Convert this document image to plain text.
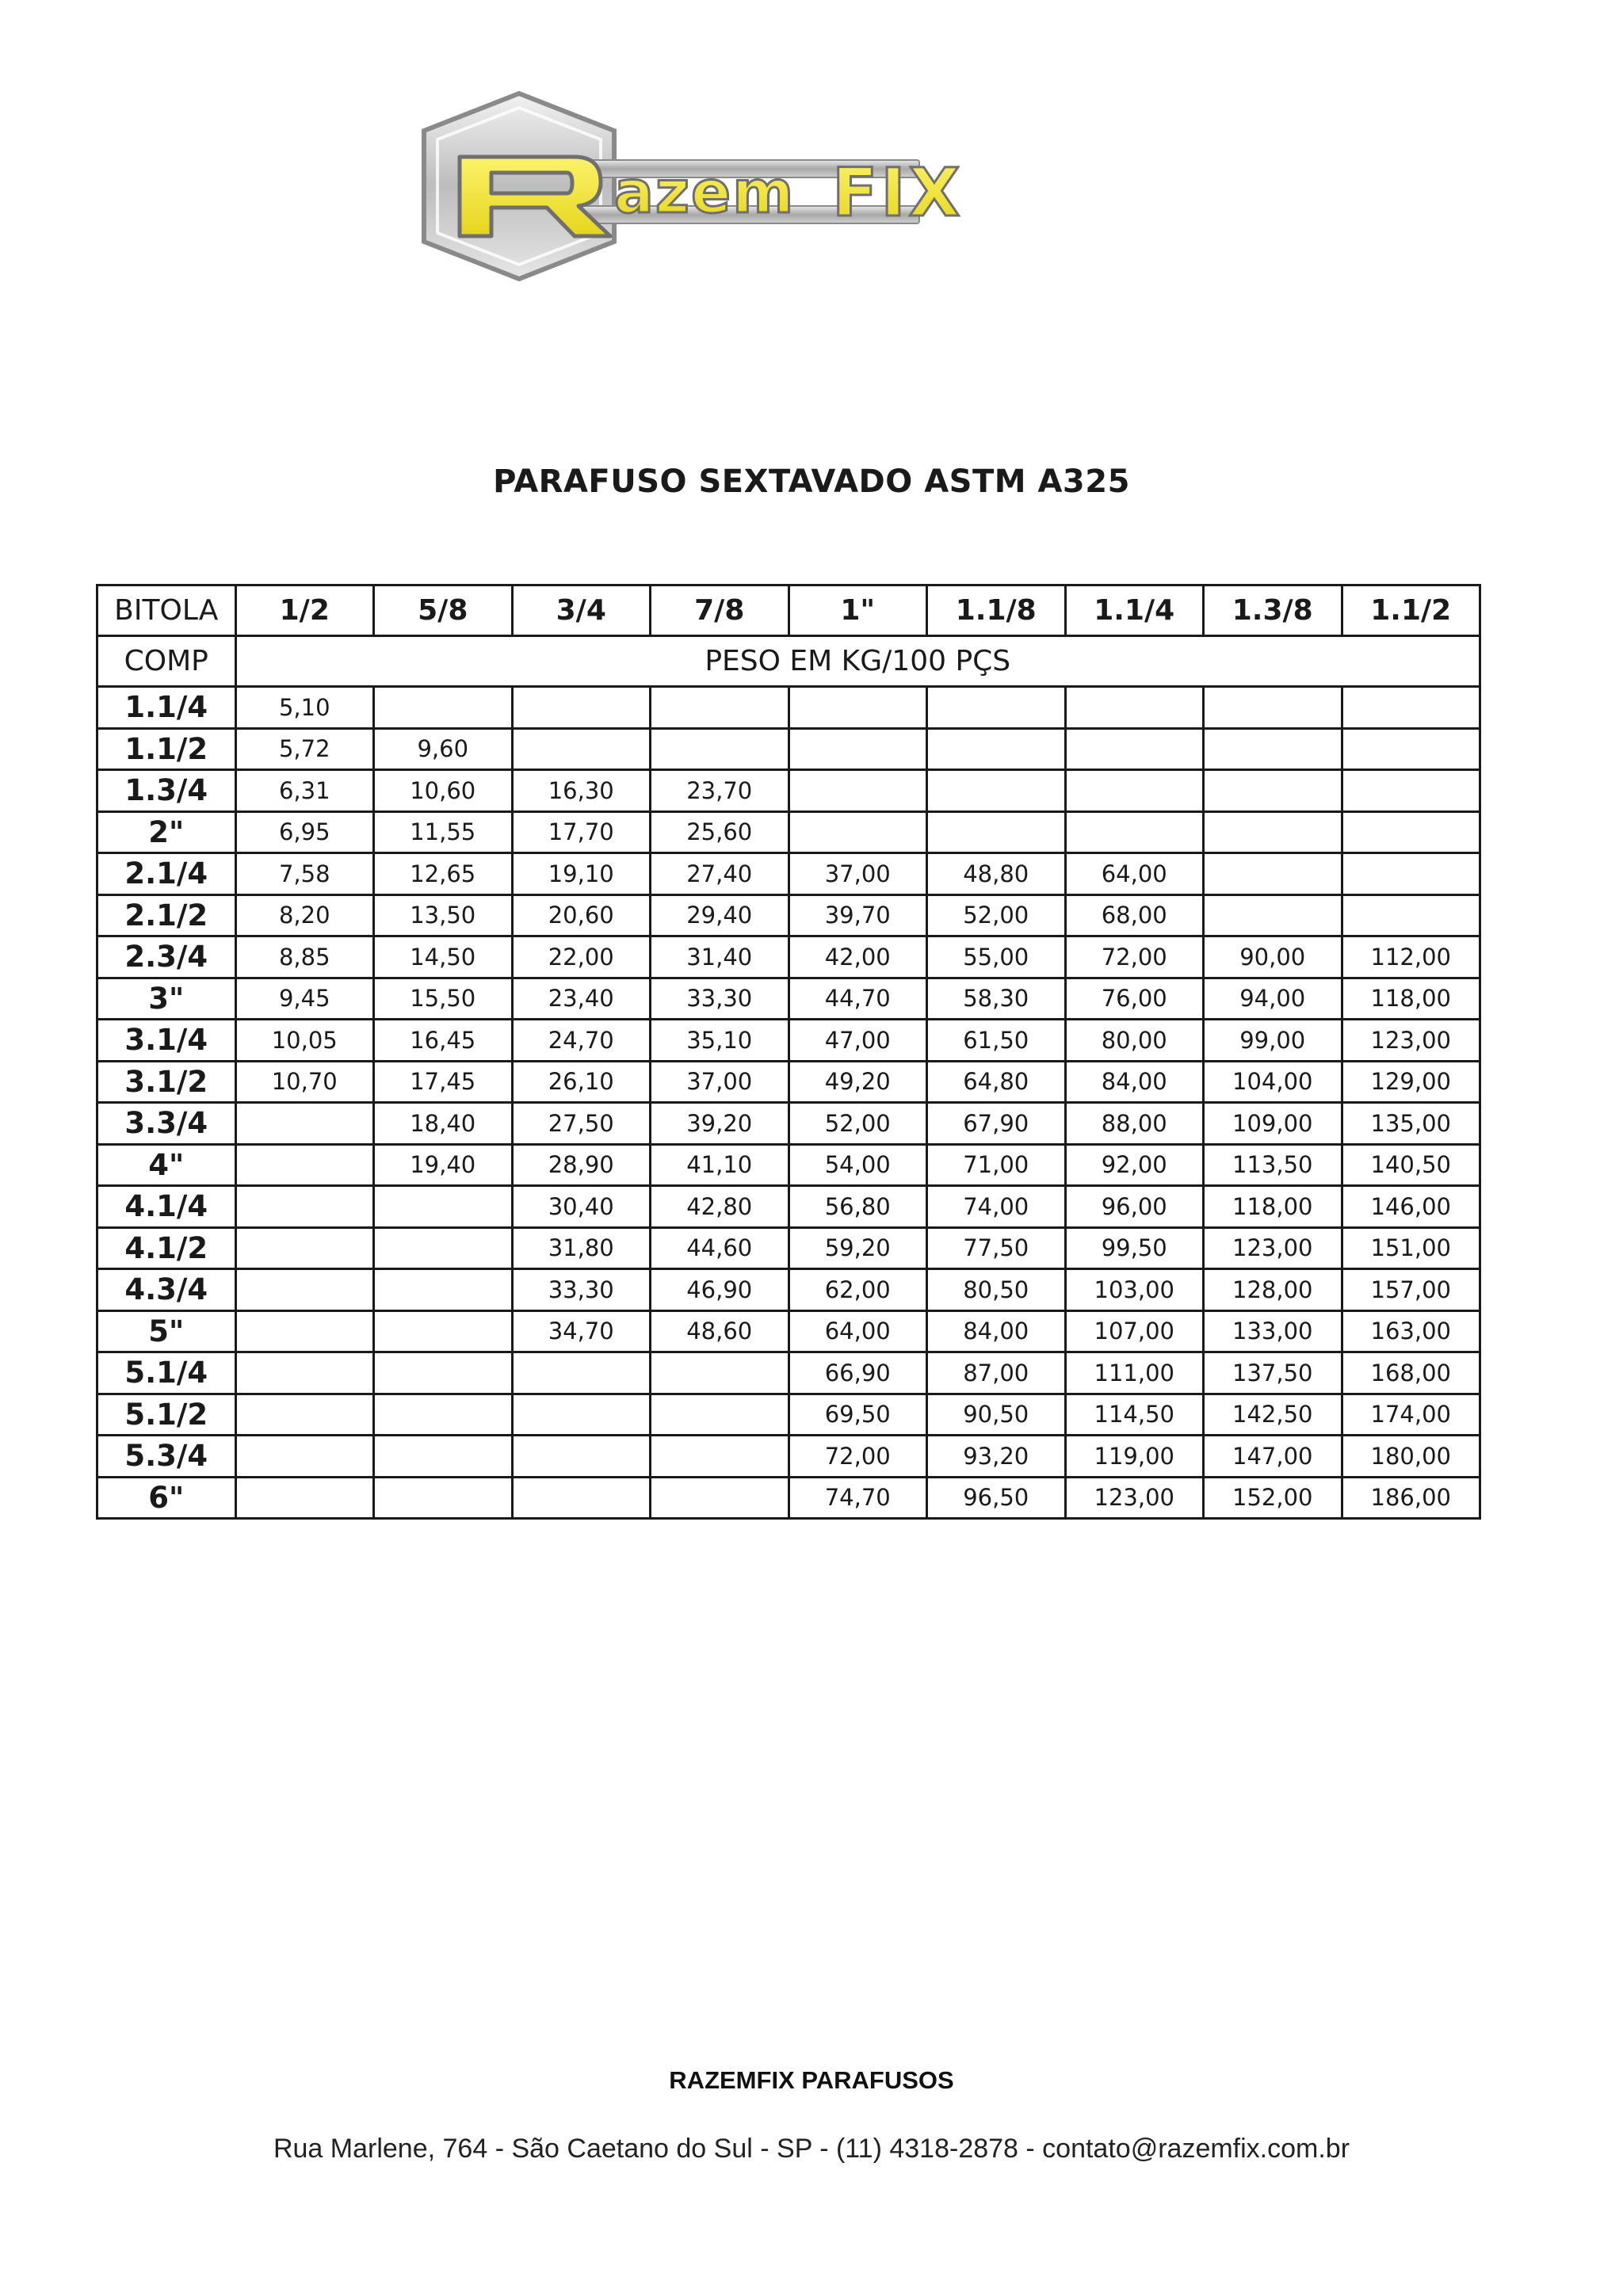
azem FIX
PARAFUSO SEXTAVADO ASTM A325
BITOLA	1/2	5/8	3/4	7/8	1"	1.1/8	1.1/4	1.3/8	1.1/2
COMP	PESO EM KG/100 PÇS								
1.1/4	5,10								
1.1/2	5,72	9,60							
1.3/4	6,31	10,60	16,30	23,70					
2"	6,95	11,55	17,70	25,60					
2.1/4	7,58	12,65	19,10	27,40	37,00	48,80	64,00		
2.1/2	8,20	13,50	20,60	29,40	39,70	52,00	68,00		
2.3/4	8,85	14,50	22,00	31,40	42,00	55,00	72,00	90,00	112,00
3"	9,45	15,50	23,40	33,30	44,70	58,30	76,00	94,00	118,00
3.1/4	10,05	16,45	24,70	35,10	47,00	61,50	80,00	99,00	123,00
3.1/2	10,70	17,45	26,10	37,00	49,20	64,80	84,00	104,00	129,00
3.3/4		18,40	27,50	39,20	52,00	67,90	88,00	109,00	135,00
4"		19,40	28,90	41,10	54,00	71,00	92,00	113,50	140,50
4.1/4			30,40	42,80	56,80	74,00	96,00	118,00	146,00
4.1/2			31,80	44,60	59,20	77,50	99,50	123,00	151,00
4.3/4			33,30	46,90	62,00	80,50	103,00	128,00	157,00
5"			34,70	48,60	64,00	84,00	107,00	133,00	163,00
5.1/4					66,90	87,00	111,00	137,50	168,00
5.1/2					69,50	90,50	114,50	142,50	174,00
5.3/4					72,00	93,20	119,00	147,00	180,00
6"					74,70	96,50	123,00	152,00	186,00
RAZEMFIX PARAFUSOS
Rua Marlene, 764 - São Caetano do Sul - SP - (11) 4318-2878 - contato@razemfix.com.br
